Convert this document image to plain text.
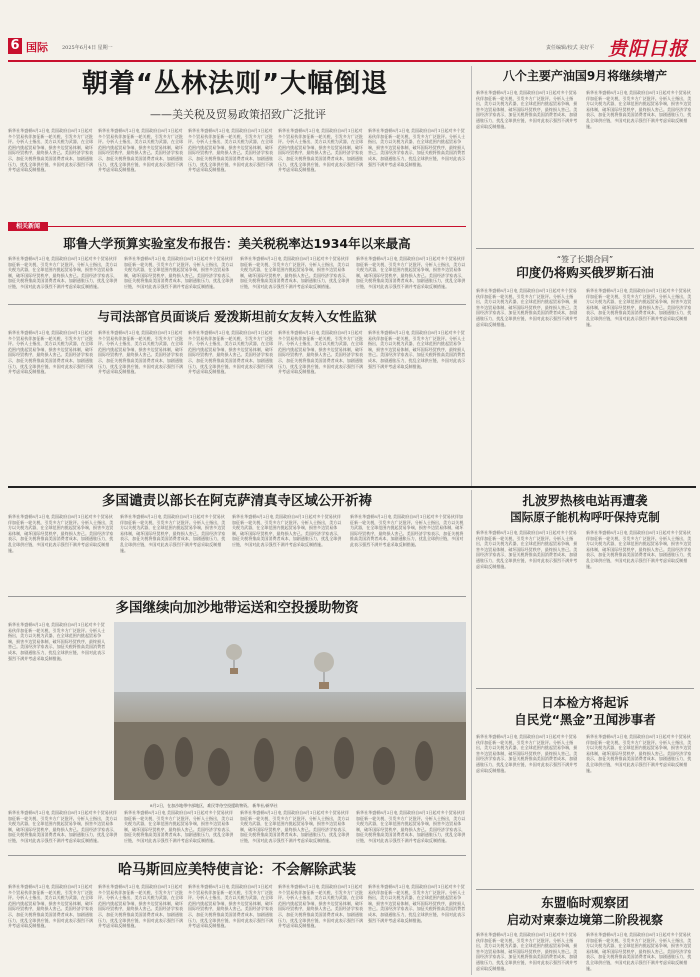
6 国际	2025年6月4日 星期一	责任编辑/校式 美好平 贵阳日报
朝着“丛林法则”大幅倒退
——美关税及贸易政策招致广泛批评
新华社华盛顿8月2日电 美国政府自8月1日起对多个贸易伙伴加征新一轮关税，引发多方广泛批评。分析人士指出，美方以关税为武器，在全球范围内挑起贸易争端，损害多边贸易体制，破坏国际经贸秩序，最终损人害己。美国经济学家表示，加征关税将推高美国消费者成本，加剧通胀压力，扰乱全球供应链，多国对此表示强烈不满并考虑采取反制措施。
新华社华盛顿8月2日电 美国政府自8月1日起对多个贸易伙伴加征新一轮关税，引发多方广泛批评。分析人士指出，美方以关税为武器，在全球范围内挑起贸易争端，损害多边贸易体制，破坏国际经贸秩序，最终损人害己。美国经济学家表示，加征关税将推高美国消费者成本，加剧通胀压力，扰乱全球供应链，多国对此表示强烈不满并考虑采取反制措施。
新华社华盛顿8月2日电 美国政府自8月1日起对多个贸易伙伴加征新一轮关税，引发多方广泛批评。分析人士指出，美方以关税为武器，在全球范围内挑起贸易争端，损害多边贸易体制，破坏国际经贸秩序，最终损人害己。美国经济学家表示，加征关税将推高美国消费者成本，加剧通胀压力，扰乱全球供应链，多国对此表示强烈不满并考虑采取反制措施。
新华社华盛顿8月2日电 美国政府自8月1日起对多个贸易伙伴加征新一轮关税，引发多方广泛批评。分析人士指出，美方以关税为武器，在全球范围内挑起贸易争端，损害多边贸易体制，破坏国际经贸秩序，最终损人害己。美国经济学家表示，加征关税将推高美国消费者成本，加剧通胀压力，扰乱全球供应链，多国对此表示强烈不满并考虑采取反制措施。
新华社华盛顿8月2日电 美国政府自8月1日起对多个贸易伙伴加征新一轮关税，引发多方广泛批评。分析人士指出，美方以关税为武器，在全球范围内挑起贸易争端，损害多边贸易体制，破坏国际经贸秩序，最终损人害己。美国经济学家表示，加征关税将推高美国消费者成本，加剧通胀压力，扰乱全球供应链，多国对此表示强烈不满并考虑采取反制措施。
相关新闻
耶鲁大学预算实验室发布报告：美关税税率达1934年以来最高
新华社华盛顿8月2日电 美国政府自8月1日起对多个贸易伙伴加征新一轮关税，引发多方广泛批评。分析人士指出，美方以关税为武器，在全球范围内挑起贸易争端，损害多边贸易体制，破坏国际经贸秩序，最终损人害己。美国经济学家表示，加征关税将推高美国消费者成本，加剧通胀压力，扰乱全球供应链，多国对此表示强烈不满并考虑采取反制措施。
新华社华盛顿8月2日电 美国政府自8月1日起对多个贸易伙伴加征新一轮关税，引发多方广泛批评。分析人士指出，美方以关税为武器，在全球范围内挑起贸易争端，损害多边贸易体制，破坏国际经贸秩序，最终损人害己。美国经济学家表示，加征关税将推高美国消费者成本，加剧通胀压力，扰乱全球供应链，多国对此表示强烈不满并考虑采取反制措施。
新华社华盛顿8月2日电 美国政府自8月1日起对多个贸易伙伴加征新一轮关税，引发多方广泛批评。分析人士指出，美方以关税为武器，在全球范围内挑起贸易争端，损害多边贸易体制，破坏国际经贸秩序，最终损人害己。美国经济学家表示，加征关税将推高美国消费者成本，加剧通胀压力，扰乱全球供应链，多国对此表示强烈不满并考虑采取反制措施。
新华社华盛顿8月2日电 美国政府自8月1日起对多个贸易伙伴加征新一轮关税，引发多方广泛批评。分析人士指出，美方以关税为武器，在全球范围内挑起贸易争端，损害多边贸易体制，破坏国际经贸秩序，最终损人害己。美国经济学家表示，加征关税将推高美国消费者成本，加剧通胀压力，扰乱全球供应链，多国对此表示强烈不满并考虑采取反制措施。
与司法部官员面谈后 爱泼斯坦前女友转入女性监狱
新华社华盛顿8月2日电 美国政府自8月1日起对多个贸易伙伴加征新一轮关税，引发多方广泛批评。分析人士指出，美方以关税为武器，在全球范围内挑起贸易争端，损害多边贸易体制，破坏国际经贸秩序，最终损人害己。美国经济学家表示，加征关税将推高美国消费者成本，加剧通胀压力，扰乱全球供应链，多国对此表示强烈不满并考虑采取反制措施。
新华社华盛顿8月2日电 美国政府自8月1日起对多个贸易伙伴加征新一轮关税，引发多方广泛批评。分析人士指出，美方以关税为武器，在全球范围内挑起贸易争端，损害多边贸易体制，破坏国际经贸秩序，最终损人害己。美国经济学家表示，加征关税将推高美国消费者成本，加剧通胀压力，扰乱全球供应链，多国对此表示强烈不满并考虑采取反制措施。
新华社华盛顿8月2日电 美国政府自8月1日起对多个贸易伙伴加征新一轮关税，引发多方广泛批评。分析人士指出，美方以关税为武器，在全球范围内挑起贸易争端，损害多边贸易体制，破坏国际经贸秩序，最终损人害己。美国经济学家表示，加征关税将推高美国消费者成本，加剧通胀压力，扰乱全球供应链，多国对此表示强烈不满并考虑采取反制措施。
新华社华盛顿8月2日电 美国政府自8月1日起对多个贸易伙伴加征新一轮关税，引发多方广泛批评。分析人士指出，美方以关税为武器，在全球范围内挑起贸易争端，损害多边贸易体制，破坏国际经贸秩序，最终损人害己。美国经济学家表示，加征关税将推高美国消费者成本，加剧通胀压力，扰乱全球供应链，多国对此表示强烈不满并考虑采取反制措施。
新华社华盛顿8月2日电 美国政府自8月1日起对多个贸易伙伴加征新一轮关税，引发多方广泛批评。分析人士指出，美方以关税为武器，在全球范围内挑起贸易争端，损害多边贸易体制，破坏国际经贸秩序，最终损人害己。美国经济学家表示，加征关税将推高美国消费者成本，加剧通胀压力，扰乱全球供应链，多国对此表示强烈不满并考虑采取反制措施。
八个主要产油国9月将继续增产
新华社华盛顿8月2日电 美国政府自8月1日起对多个贸易伙伴加征新一轮关税，引发多方广泛批评。分析人士指出，美方以关税为武器，在全球范围内挑起贸易争端，损害多边贸易体制，破坏国际经贸秩序，最终损人害己。美国经济学家表示，加征关税将推高美国消费者成本，加剧通胀压力，扰乱全球供应链，多国对此表示强烈不满并考虑采取反制措施。
新华社华盛顿8月2日电 美国政府自8月1日起对多个贸易伙伴加征新一轮关税，引发多方广泛批评。分析人士指出，美方以关税为武器，在全球范围内挑起贸易争端，损害多边贸易体制，破坏国际经贸秩序，最终损人害己。美国经济学家表示，加征关税将推高美国消费者成本，加剧通胀压力，扰乱全球供应链，多国对此表示强烈不满并考虑采取反制措施。
“签了长期合同”
印度仍将购买俄罗斯石油
新华社华盛顿8月2日电 美国政府自8月1日起对多个贸易伙伴加征新一轮关税，引发多方广泛批评。分析人士指出，美方以关税为武器，在全球范围内挑起贸易争端，损害多边贸易体制，破坏国际经贸秩序，最终损人害己。美国经济学家表示，加征关税将推高美国消费者成本，加剧通胀压力，扰乱全球供应链，多国对此表示强烈不满并考虑采取反制措施。
新华社华盛顿8月2日电 美国政府自8月1日起对多个贸易伙伴加征新一轮关税，引发多方广泛批评。分析人士指出，美方以关税为武器，在全球范围内挑起贸易争端，损害多边贸易体制，破坏国际经贸秩序，最终损人害己。美国经济学家表示，加征关税将推高美国消费者成本，加剧通胀压力，扰乱全球供应链，多国对此表示强烈不满并考虑采取反制措施。
多国谴责以部长在阿克萨清真寺区域公开祈祷
新华社华盛顿8月2日电 美国政府自8月1日起对多个贸易伙伴加征新一轮关税，引发多方广泛批评。分析人士指出，美方以关税为武器，在全球范围内挑起贸易争端，损害多边贸易体制，破坏国际经贸秩序，最终损人害己。美国经济学家表示，加征关税将推高美国消费者成本，加剧通胀压力，扰乱全球供应链，多国对此表示强烈不满并考虑采取反制措施。
新华社华盛顿8月2日电 美国政府自8月1日起对多个贸易伙伴加征新一轮关税，引发多方广泛批评。分析人士指出，美方以关税为武器，在全球范围内挑起贸易争端，损害多边贸易体制，破坏国际经贸秩序，最终损人害己。美国经济学家表示，加征关税将推高美国消费者成本，加剧通胀压力，扰乱全球供应链，多国对此表示强烈不满并考虑采取反制措施。
新华社华盛顿8月2日电 美国政府自8月1日起对多个贸易伙伴加征新一轮关税，引发多方广泛批评。分析人士指出，美方以关税为武器，在全球范围内挑起贸易争端，损害多边贸易体制，破坏国际经贸秩序，最终损人害己。美国经济学家表示，加征关税将推高美国消费者成本，加剧通胀压力，扰乱全球供应链，多国对此表示强烈不满并考虑采取反制措施。
新华社华盛顿8月2日电 美国政府自8月1日起对多个贸易伙伴加征新一轮关税，引发多方广泛批评。分析人士指出，美方以关税为武器，在全球范围内挑起贸易争端，损害多边贸易体制，破坏国际经贸秩序，最终损人害己。美国经济学家表示，加征关税将推高美国消费者成本，加剧通胀压力，扰乱全球供应链，多国对此表示强烈不满并考虑采取反制措施。
多国继续向加沙地带运送和空投援助物资
新华社华盛顿8月2日电 美国政府自8月1日起对多个贸易伙伴加征新一轮关税，引发多方广泛批评。分析人士指出，美方以关税为武器，在全球范围内挑起贸易争端，损害多边贸易体制，破坏国际经贸秩序，最终损人害己。美国经济学家表示，加征关税将推高美国消费者成本，加剧通胀压力，扰乱全球供应链，多国对此表示强烈不满并考虑采取反制措施。
8月2日，在加沙地带中部地区，难民等待空投援助物资。 新华社/新华社
新华社华盛顿8月2日电 美国政府自8月1日起对多个贸易伙伴加征新一轮关税，引发多方广泛批评。分析人士指出，美方以关税为武器，在全球范围内挑起贸易争端，损害多边贸易体制，破坏国际经贸秩序，最终损人害己。美国经济学家表示，加征关税将推高美国消费者成本，加剧通胀压力，扰乱全球供应链，多国对此表示强烈不满并考虑采取反制措施。
新华社华盛顿8月2日电 美国政府自8月1日起对多个贸易伙伴加征新一轮关税，引发多方广泛批评。分析人士指出，美方以关税为武器，在全球范围内挑起贸易争端，损害多边贸易体制，破坏国际经贸秩序，最终损人害己。美国经济学家表示，加征关税将推高美国消费者成本，加剧通胀压力，扰乱全球供应链，多国对此表示强烈不满并考虑采取反制措施。
新华社华盛顿8月2日电 美国政府自8月1日起对多个贸易伙伴加征新一轮关税，引发多方广泛批评。分析人士指出，美方以关税为武器，在全球范围内挑起贸易争端，损害多边贸易体制，破坏国际经贸秩序，最终损人害己。美国经济学家表示，加征关税将推高美国消费者成本，加剧通胀压力，扰乱全球供应链，多国对此表示强烈不满并考虑采取反制措施。
新华社华盛顿8月2日电 美国政府自8月1日起对多个贸易伙伴加征新一轮关税，引发多方广泛批评。分析人士指出，美方以关税为武器，在全球范围内挑起贸易争端，损害多边贸易体制，破坏国际经贸秩序，最终损人害己。美国经济学家表示，加征关税将推高美国消费者成本，加剧通胀压力，扰乱全球供应链，多国对此表示强烈不满并考虑采取反制措施。
哈马斯回应美特使言论：不会解除武装
新华社华盛顿8月2日电 美国政府自8月1日起对多个贸易伙伴加征新一轮关税，引发多方广泛批评。分析人士指出，美方以关税为武器，在全球范围内挑起贸易争端，损害多边贸易体制，破坏国际经贸秩序，最终损人害己。美国经济学家表示，加征关税将推高美国消费者成本，加剧通胀压力，扰乱全球供应链，多国对此表示强烈不满并考虑采取反制措施。
新华社华盛顿8月2日电 美国政府自8月1日起对多个贸易伙伴加征新一轮关税，引发多方广泛批评。分析人士指出，美方以关税为武器，在全球范围内挑起贸易争端，损害多边贸易体制，破坏国际经贸秩序，最终损人害己。美国经济学家表示，加征关税将推高美国消费者成本，加剧通胀压力，扰乱全球供应链，多国对此表示强烈不满并考虑采取反制措施。
新华社华盛顿8月2日电 美国政府自8月1日起对多个贸易伙伴加征新一轮关税，引发多方广泛批评。分析人士指出，美方以关税为武器，在全球范围内挑起贸易争端，损害多边贸易体制，破坏国际经贸秩序，最终损人害己。美国经济学家表示，加征关税将推高美国消费者成本，加剧通胀压力，扰乱全球供应链，多国对此表示强烈不满并考虑采取反制措施。
新华社华盛顿8月2日电 美国政府自8月1日起对多个贸易伙伴加征新一轮关税，引发多方广泛批评。分析人士指出，美方以关税为武器，在全球范围内挑起贸易争端，损害多边贸易体制，破坏国际经贸秩序，最终损人害己。美国经济学家表示，加征关税将推高美国消费者成本，加剧通胀压力，扰乱全球供应链，多国对此表示强烈不满并考虑采取反制措施。
新华社华盛顿8月2日电 美国政府自8月1日起对多个贸易伙伴加征新一轮关税，引发多方广泛批评。分析人士指出，美方以关税为武器，在全球范围内挑起贸易争端，损害多边贸易体制，破坏国际经贸秩序，最终损人害己。美国经济学家表示，加征关税将推高美国消费者成本，加剧通胀压力，扰乱全球供应链，多国对此表示强烈不满并考虑采取反制措施。
扎波罗热核电站再遭袭
国际原子能机构呼吁保持克制
新华社华盛顿8月2日电 美国政府自8月1日起对多个贸易伙伴加征新一轮关税，引发多方广泛批评。分析人士指出，美方以关税为武器，在全球范围内挑起贸易争端，损害多边贸易体制，破坏国际经贸秩序，最终损人害己。美国经济学家表示，加征关税将推高美国消费者成本，加剧通胀压力，扰乱全球供应链，多国对此表示强烈不满并考虑采取反制措施。
新华社华盛顿8月2日电 美国政府自8月1日起对多个贸易伙伴加征新一轮关税，引发多方广泛批评。分析人士指出，美方以关税为武器，在全球范围内挑起贸易争端，损害多边贸易体制，破坏国际经贸秩序，最终损人害己。美国经济学家表示，加征关税将推高美国消费者成本，加剧通胀压力，扰乱全球供应链，多国对此表示强烈不满并考虑采取反制措施。
日本检方将起诉
自民党“黑金”丑闻涉事者
新华社华盛顿8月2日电 美国政府自8月1日起对多个贸易伙伴加征新一轮关税，引发多方广泛批评。分析人士指出，美方以关税为武器，在全球范围内挑起贸易争端，损害多边贸易体制，破坏国际经贸秩序，最终损人害己。美国经济学家表示，加征关税将推高美国消费者成本，加剧通胀压力，扰乱全球供应链，多国对此表示强烈不满并考虑采取反制措施。
新华社华盛顿8月2日电 美国政府自8月1日起对多个贸易伙伴加征新一轮关税，引发多方广泛批评。分析人士指出，美方以关税为武器，在全球范围内挑起贸易争端，损害多边贸易体制，破坏国际经贸秩序，最终损人害己。美国经济学家表示，加征关税将推高美国消费者成本，加剧通胀压力，扰乱全球供应链，多国对此表示强烈不满并考虑采取反制措施。
东盟临时观察团
启动对柬泰边境第二阶段视察
新华社华盛顿8月2日电 美国政府自8月1日起对多个贸易伙伴加征新一轮关税，引发多方广泛批评。分析人士指出，美方以关税为武器，在全球范围内挑起贸易争端，损害多边贸易体制，破坏国际经贸秩序，最终损人害己。美国经济学家表示，加征关税将推高美国消费者成本，加剧通胀压力，扰乱全球供应链，多国对此表示强烈不满并考虑采取反制措施。
新华社华盛顿8月2日电 美国政府自8月1日起对多个贸易伙伴加征新一轮关税，引发多方广泛批评。分析人士指出，美方以关税为武器，在全球范围内挑起贸易争端，损害多边贸易体制，破坏国际经贸秩序，最终损人害己。美国经济学家表示，加征关税将推高美国消费者成本，加剧通胀压力，扰乱全球供应链，多国对此表示强烈不满并考虑采取反制措施。
